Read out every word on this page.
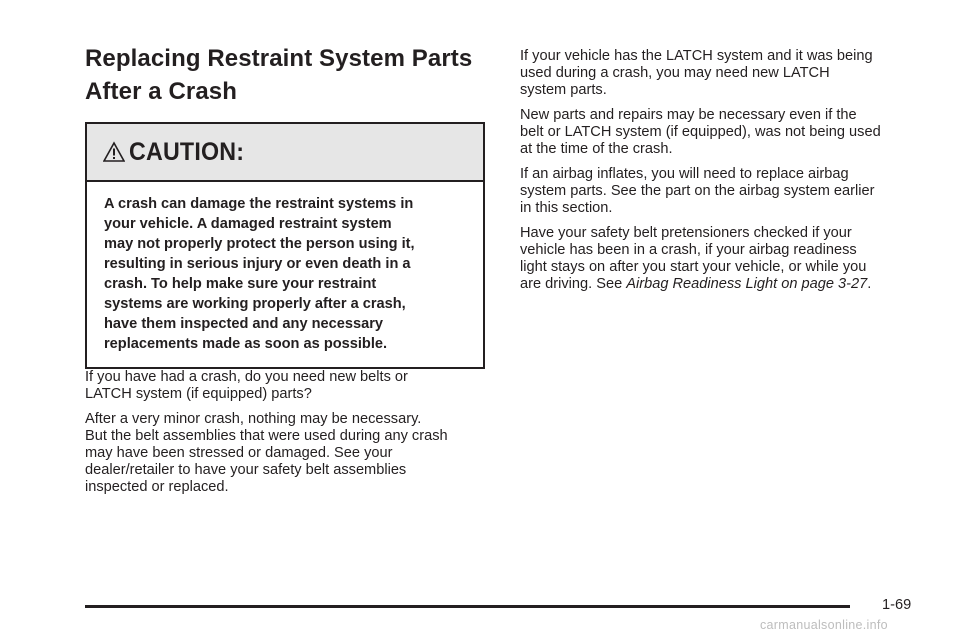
Replacing Restraint System Parts
After a Crash
CAUTION:
A crash can damage the restraint systems in
your vehicle. A damaged restraint system
may not properly protect the person using it,
resulting in serious injury or even death in a
crash. To help make sure your restraint
systems are working properly after a crash,
have them inspected and any necessary
replacements made as soon as possible.
If you have had a crash, do you need new belts or
LATCH system (if equipped) parts?
After a very minor crash, nothing may be necessary.
But the belt assemblies that were used during any crash
may have been stressed or damaged. See your
dealer/retailer to have your safety belt assemblies
inspected or replaced.
If your vehicle has the LATCH system and it was being
used during a crash, you may need new LATCH
system parts.
New parts and repairs may be necessary even if the
belt or LATCH system (if equipped), was not being used
at the time of the crash.
If an airbag inflates, you will need to replace airbag
system parts. See the part on the airbag system earlier
in this section.
Have your safety belt pretensioners checked if your
vehicle has been in a crash, if your airbag readiness
light stays on after you start your vehicle, or while you
are driving. See Airbag Readiness Light on page 3-27.
1-69
carmanualsonline.info
